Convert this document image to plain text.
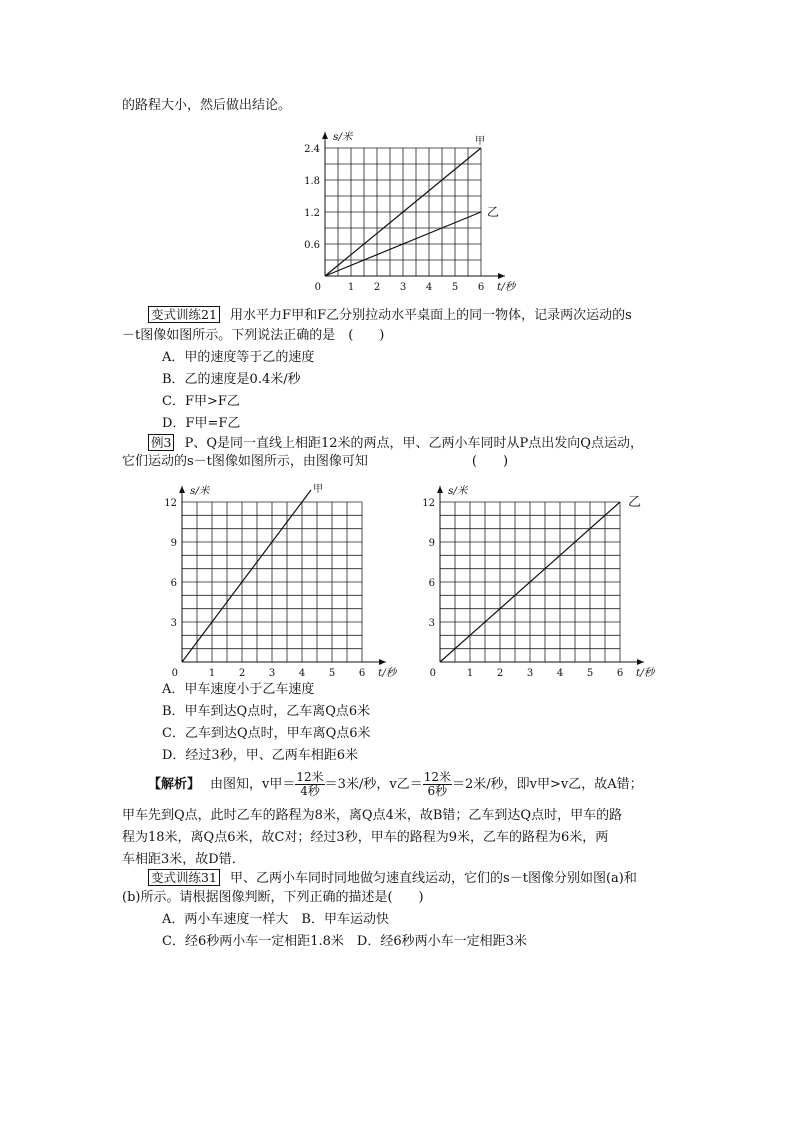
的路程大小，然后做出结论。
s/米
t/秒
0	1 2 3 4 5 6
2.4
1.8
1.2
0.6
甲
乙
变式训练21 用水平力F甲和F乙分别拉动水平桌面上的同一物体，记录两次运动的s
－t图像如图所示。下列说法正确的是　(　　)
A．甲的速度等于乙的速度
B．乙的速度是0.4米/秒
C．F甲>F乙
D．F甲=F乙
例3 P、Q是同一直线上相距12米的两点，甲、乙两小车同时从P点出发向Q点运动，
它们运动的s－t图像如图所示，由图像可知　　　　　　　　(　　)
s/米
t/秒
0	1 2 3 4 5 6
12
9
6
3
甲	s/米
t/秒
0	1 2 3 4 5 6
12
9
6
3
乙
A．甲车速度小于乙车速度
B．甲车到达Q点时，乙车离Q点6米
C．乙车到达Q点时，甲车离Q点6米
D．经过3秒，甲、乙两车相距6米
【解析】 由图知，v甲＝ $\frac{\text{12米}}{\text{4秒}} =3$米/秒，v乙＝ $\frac{\text{12米}}{\text{6秒}} =2$米/秒，即v甲>v乙，故A错；
甲车先到Q点，此时乙车的路程为8米，离Q点4米，故B错；乙车到达Q点时，甲车的路
程为18米，离Q点6米，故C对；经过3秒，甲车的路程为9米，乙车的路程为6米，两
车相距3米，故D错．
变式训练31 甲、乙两小车同时同地做匀速直线运动，它们的s－t图像分别如图(a)和
(b)所示。请根据图像判断，下列正确的描述是(　　)
A．两小车速度一样大　B．甲车运动快
C．经6秒两小车一定相距1.8米　D．经6秒两小车一定相距3米
